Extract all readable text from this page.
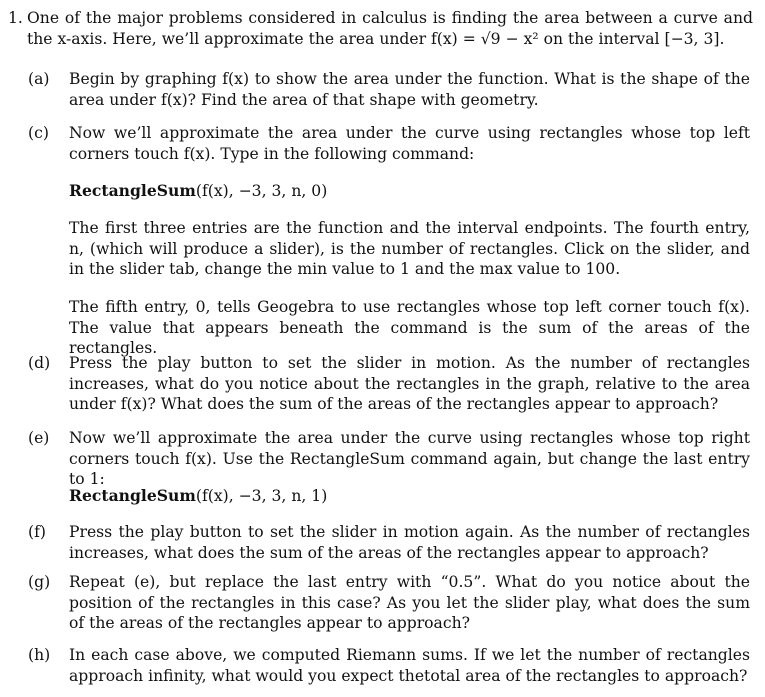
1. One of the major problems considered in calculus is finding the area between a curve and the x-axis. Here, we’ll approximate the area under f(x) = √9 − x² on the interval [−3, 3].
(a) Begin by graphing f(x) to show the area under the function. What is the shape of the area under f(x)? Find the area of that shape with geometry.
(c) Now we’ll approximate the area under the curve using rectangles whose top left corners touch f(x). Type in the following command:
RectangleSum(f(x), −3, 3, n, 0)
The first three entries are the function and the interval endpoints. The fourth entry, n, (which will produce a slider), is the number of rectangles. Click on the slider, and in the slider tab, change the min value to 1 and the max value to 100.
The fifth entry, 0, tells Geogebra to use rectangles whose top left corner touch f(x). The value that appears beneath the command is the sum of the areas of the rectangles.
(d) Press the play button to set the slider in motion. As the number of rectangles increases, what do you notice about the rectangles in the graph, relative to the area under f(x)? What does the sum of the areas of the rectangles appear to approach?
(e) Now we’ll approximate the area under the curve using rectangles whose top right corners touch f(x). Use the RectangleSum command again, but change the last entry to 1:
RectangleSum(f(x), −3, 3, n, 1)
(f) Press the play button to set the slider in motion again. As the number of rectangles increases, what does the sum of the areas of the rectangles appear to approach?
(g) Repeat (e), but replace the last entry with “0.5”. What do you notice about the position of the rectangles in this case? As you let the slider play, what does the sum of the areas of the rectangles appear to approach?
(h) In each case above, we computed Riemann sums. If we let the number of rectangles approach infinity, what would you expect thetotal area of the rectangles to approach?
